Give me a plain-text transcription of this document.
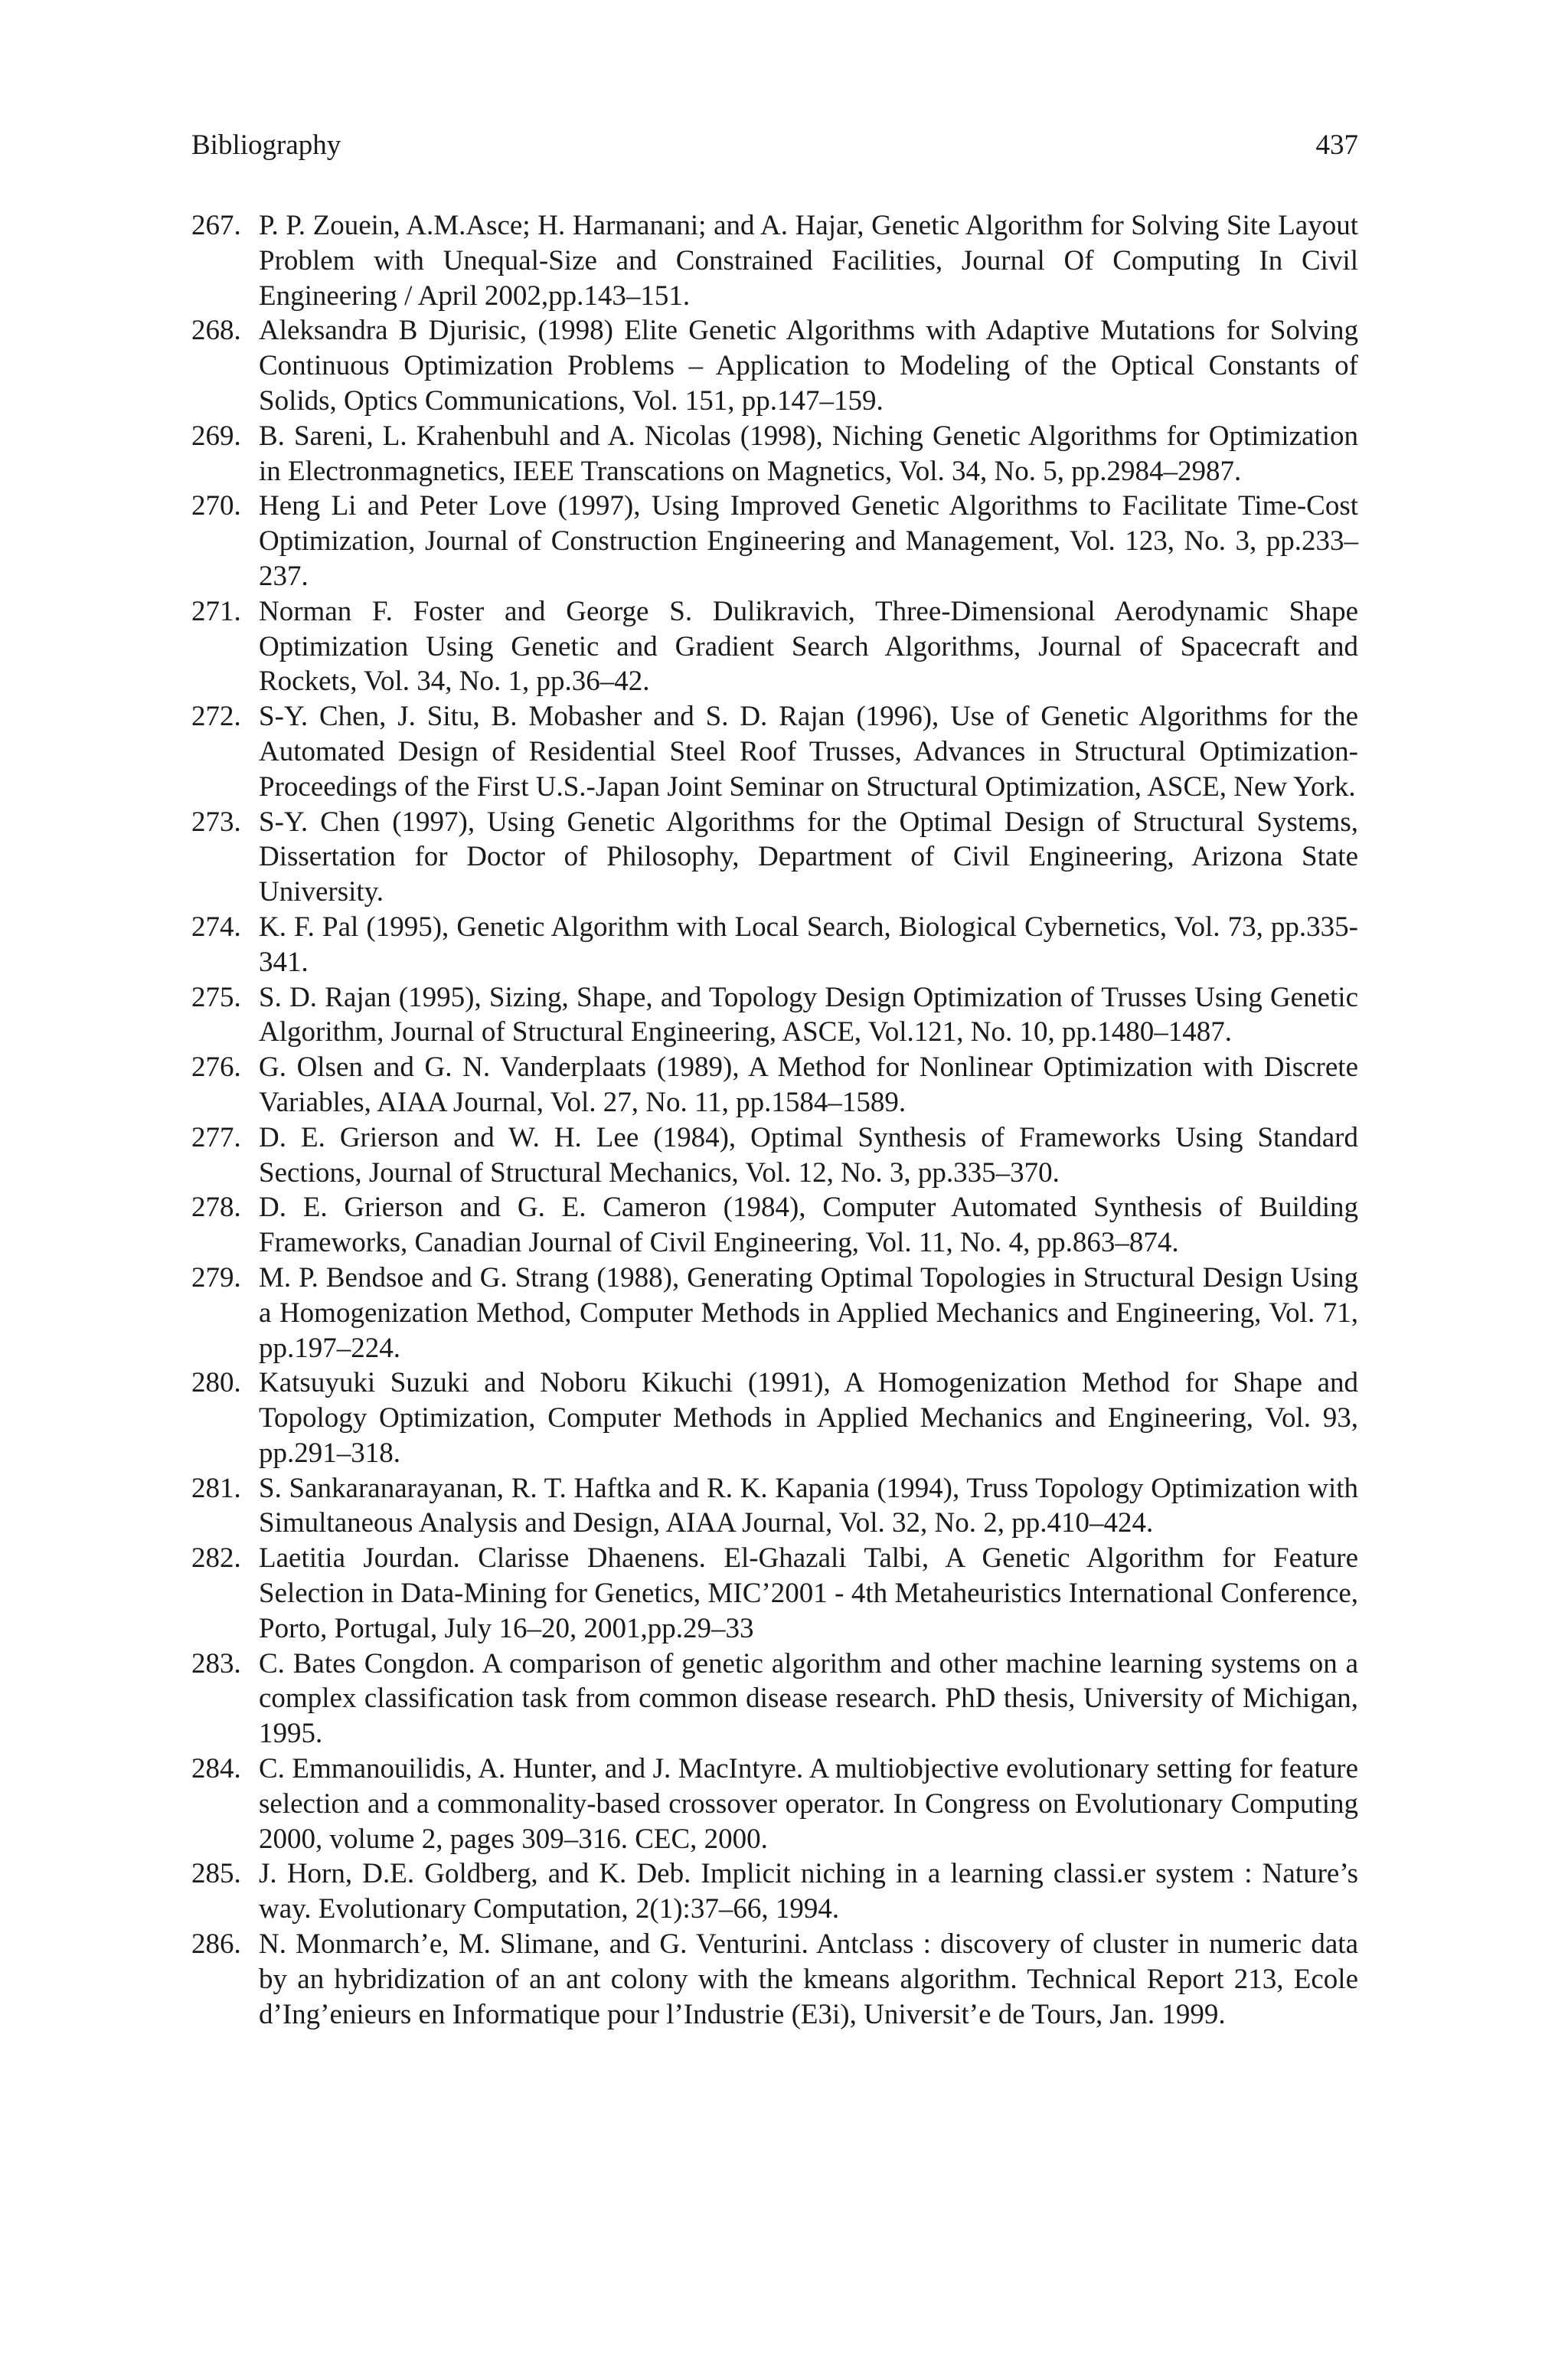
Bibliography	437
267. P. P. Zouein, A.M.Asce; H. Harmanani; and A. Hajar, Genetic Algorithm for Solving Site Layout Problem with Unequal-Size and Constrained Facilities, Journal Of Computing In Civil Engineering / April 2002,pp.143–151.
268. Aleksandra B Djurisic, (1998) Elite Genetic Algorithms with Adaptive Mutations for Solving Continuous Optimization Problems – Application to Modeling of the Optical Constants of Solids, Optics Communications, Vol. 151, pp.147–159.
269. B. Sareni, L. Krahenbuhl and A. Nicolas (1998), Niching Genetic Algorithms for Optimization in Electronmagnetics, IEEE Transcations on Magnetics, Vol. 34, No. 5, pp.2984–2987.
270. Heng Li and Peter Love (1997), Using Improved Genetic Algorithms to Facilitate Time-Cost Optimization, Journal of Construction Engineering and Management, Vol. 123, No. 3, pp.233–237.
271. Norman F. Foster and George S. Dulikravich, Three-Dimensional Aerodynamic Shape Optimization Using Genetic and Gradient Search Algorithms, Journal of Spacecraft and Rockets, Vol. 34, No. 1, pp.36–42.
272. S-Y. Chen, J. Situ, B. Mobasher and S. D. Rajan (1996), Use of Genetic Algorithms for the Automated Design of Residential Steel Roof Trusses, Advances in Structural Optimization-Proceedings of the First U.S.-Japan Joint Seminar on Structural Optimization, ASCE, New York.
273. S-Y. Chen (1997), Using Genetic Algorithms for the Optimal Design of Structural Systems, Dissertation for Doctor of Philosophy, Department of Civil Engineering, Arizona State University.
274. K. F. Pal (1995), Genetic Algorithm with Local Search, Biological Cybernetics, Vol. 73, pp.335- 341.
275. S. D. Rajan (1995), Sizing, Shape, and Topology Design Optimization of Trusses Using Genetic Algorithm, Journal of Structural Engineering, ASCE, Vol.121, No. 10, pp.1480–1487.
276. G. Olsen and G. N. Vanderplaats (1989), A Method for Nonlinear Optimization with Discrete Variables, AIAA Journal, Vol. 27, No. 11, pp.1584–1589.
277. D. E. Grierson and W. H. Lee (1984), Optimal Synthesis of Frameworks Using Standard Sections, Journal of Structural Mechanics, Vol. 12, No. 3, pp.335–370.
278. D. E. Grierson and G. E. Cameron (1984), Computer Automated Synthesis of Building Frameworks, Canadian Journal of Civil Engineering, Vol. 11, No. 4, pp.863–874.
279. M. P. Bendsoe and G. Strang (1988), Generating Optimal Topologies in Structural Design Using a Homogenization Method, Computer Methods in Applied Mechanics and Engineering, Vol. 71, pp.197–224.
280. Katsuyuki Suzuki and Noboru Kikuchi (1991), A Homogenization Method for Shape and Topology Optimization, Computer Methods in Applied Mechanics and Engineering, Vol. 93, pp.291–318.
281. S. Sankaranarayanan, R. T. Haftka and R. K. Kapania (1994), Truss Topology Optimization with Simultaneous Analysis and Design, AIAA Journal, Vol. 32, No. 2, pp.410–424.
282. Laetitia Jourdan. Clarisse Dhaenens. El-Ghazali Talbi, A Genetic Algorithm for Feature Selection in Data-Mining for Genetics, MIC’2001 - 4th Metaheuristics International Conference, Porto, Portugal, July 16–20, 2001,pp.29–33
283. C. Bates Congdon. A comparison of genetic algorithm and other machine learning systems on a complex classification task from common disease research. PhD thesis, University of Michigan, 1995.
284. C. Emmanouilidis, A. Hunter, and J. MacIntyre. A multiobjective evolutionary setting for feature selection and a commonality-based crossover operator. In Congress on Evolutionary Computing 2000, volume 2, pages 309–316. CEC, 2000.
285. J. Horn, D.E. Goldberg, and K. Deb. Implicit niching in a learning classi.er system : Nature’s way. Evolutionary Computation, 2(1):37–66, 1994.
286. N. Monmarch’e, M. Slimane, and G. Venturini. Antclass : discovery of cluster in numeric data by an hybridization of an ant colony with the kmeans algorithm. Technical Report 213, Ecole d’Ing’enieurs en Informatique pour l’Industrie (E3i), Universit’e de Tours, Jan. 1999.
